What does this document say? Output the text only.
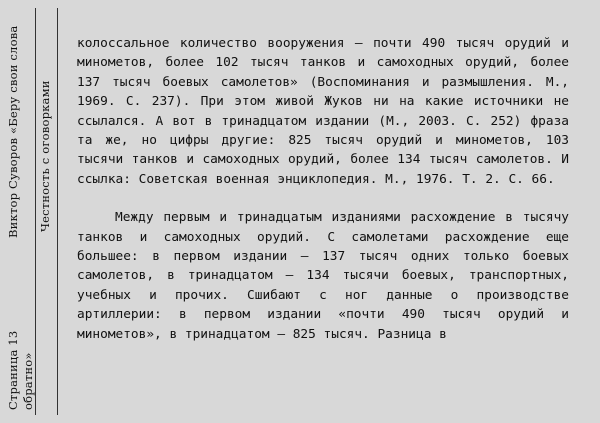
Страница 13 обратно»
Виктор Суворов «Беру свои слова Честность с оговорками

колоссальное количество вооружения — почти 490 тысяч орудий и минометов, более 102 тысяч танков и самоходных орудий, более 137 тысяч боевых самолетов» (Воспоминания и размышления. М., 1969. С. 237). При этом живой Жуков ни на какие источники не ссылался. А вот в тринадцатом издании (М., 2003. С. 252) фраза та же, но цифры другие: 825 тысяч орудий и минометов, 103 тысячи танков и самоходных орудий, более 134 тысяч самолетов. И ссылка: Советская военная энциклопедия. М., 1976. Т. 2. С. 66.

Между первым и тринадцатым изданиями расхождение в тысячу танков и самоходных орудий. С самолетами расхождение еще большее: в первом издании — 137 тысяч одних только боевых самолетов, в тринадцатом — 134 тысячи боевых, транспортных, учебных и прочих. Сшибают с ног данные о производстве артиллерии: в первом издании «почти 490 тысяч орудий и минометов», в тринадцатом — 825 тысяч. Разница в
